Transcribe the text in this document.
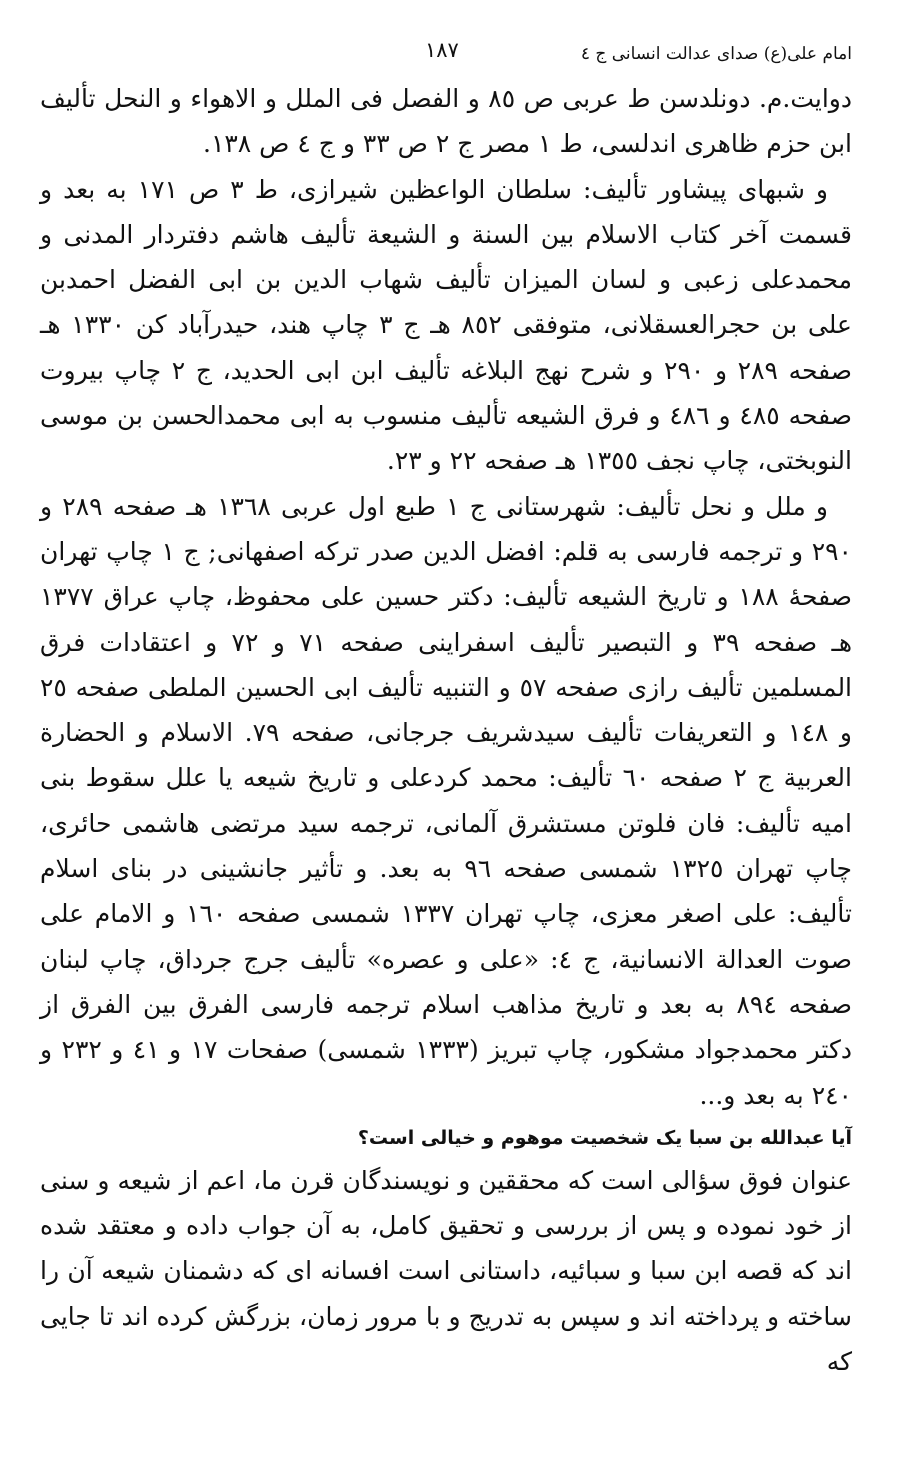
امام علی(ع) صدای عدالت انسانی ج ٤
١٨٧

دوایت.م. دونلدسن ط عربی ص ٨٥ و الفصل فی الملل و الاهواء و النحل تألیف ابن حزم ظاهری اندلسی، ط ١ مصر ج ٢ ص ٣٣ و ج ٤ ص ١٣٨.

و شبهای پیشاور تألیف: سلطان الواعظین شیرازی، ط ٣ ص ١٧١ به بعد و قسمت آخر کتاب الاسلام بین السنة و الشیعة تألیف هاشم دفتردار المدنی و محمدعلی زعبی و لسان المیزان تألیف شهاب الدین بن ابی الفضل احمدبن علی بن حجرالعسقلانی، متوفقی ٨٥٢ هـ ج ٣ چاپ هند، حیدرآباد کن ١٣٣٠ هـ صفحه ٢٨٩ و ٢٩٠ و شرح نهج البلاغه تألیف ابن ابی الحدید، ج ٢ چاپ بیروت صفحه ٤٨٥ و ٤٨٦ و فرق الشیعه تألیف منسوب به ابی محمدالحسن بن موسی النوبختی، چاپ نجف ١٣٥٥ هـ صفحه ٢٢ و ٢٣.

و ملل و نحل تألیف: شهرستانی ج ١ طبع اول عربی ١٣٦٨ هـ صفحه ٢٨٩ و ٢٩٠ و ترجمه فارسی به قلم: افضل الدین صدر ترکه اصفهانی; ج ١ چاپ تهران صفحهٔ ١٨٨ و تاریخ الشیعه تألیف: دکتر حسین علی محفوظ، چاپ عراق ١٣٧٧ هـ صفحه ٣٩ و التبصیر تألیف اسفراینی صفحه ٧١ و ٧٢ و اعتقادات فرق المسلمین تألیف رازی صفحه ٥٧ و التنبیه تألیف ابی الحسین الملطی صفحه ٢٥ و ١٤٨ و التعریفات تألیف سیدشریف جرجانی، صفحه ٧٩. الاسلام و الحضارة العربیة ج ٢ صفحه ٦٠ تألیف: محمد کردعلی و تاریخ شیعه یا علل سقوط بنی امیه تألیف: فان فلوتن مستشرق آلمانی، ترجمه سید مرتضی هاشمی حائری، چاپ تهران ١٣٢٥ شمسی صفحه ٩٦ به بعد. و تأثیر جانشینی در بنای اسلام تألیف: علی اصغر معزی، چاپ تهران ١٣٣٧ شمسی صفحه ١٦٠ و الامام علی صوت العدالة الانسانیة، ج ٤: «علی و عصره» تألیف جرج جرداق، چاپ لبنان صفحه ٨٩٤ به بعد و تاریخ مذاهب اسلام ترجمه فارسی الفرق بین الفرق از دکتر محمدجواد مشکور، چاپ تبریز (١٣٣٣ شمسی) صفحات ١٧ و ٤١ و ٢٣٢ و ٢٤٠ به بعد و...

آیا عبدالله بن سبا یک شخصیت موهوم و خیالی است؟

عنوان فوق سؤالی است که محققین و نویسندگان قرن ما، اعم از شیعه و سنی از خود نموده و پس از بررسی و تحقیق کامل، به آن جواب داده و معتقد شده اند که قصه ابن سبا و سبائیه، داستانی است افسانه ای که دشمنان شیعه آن را ساخته و پرداخته اند و سپس به تدریج و با مرور زمان، بزرگش کرده اند تا جایی که
